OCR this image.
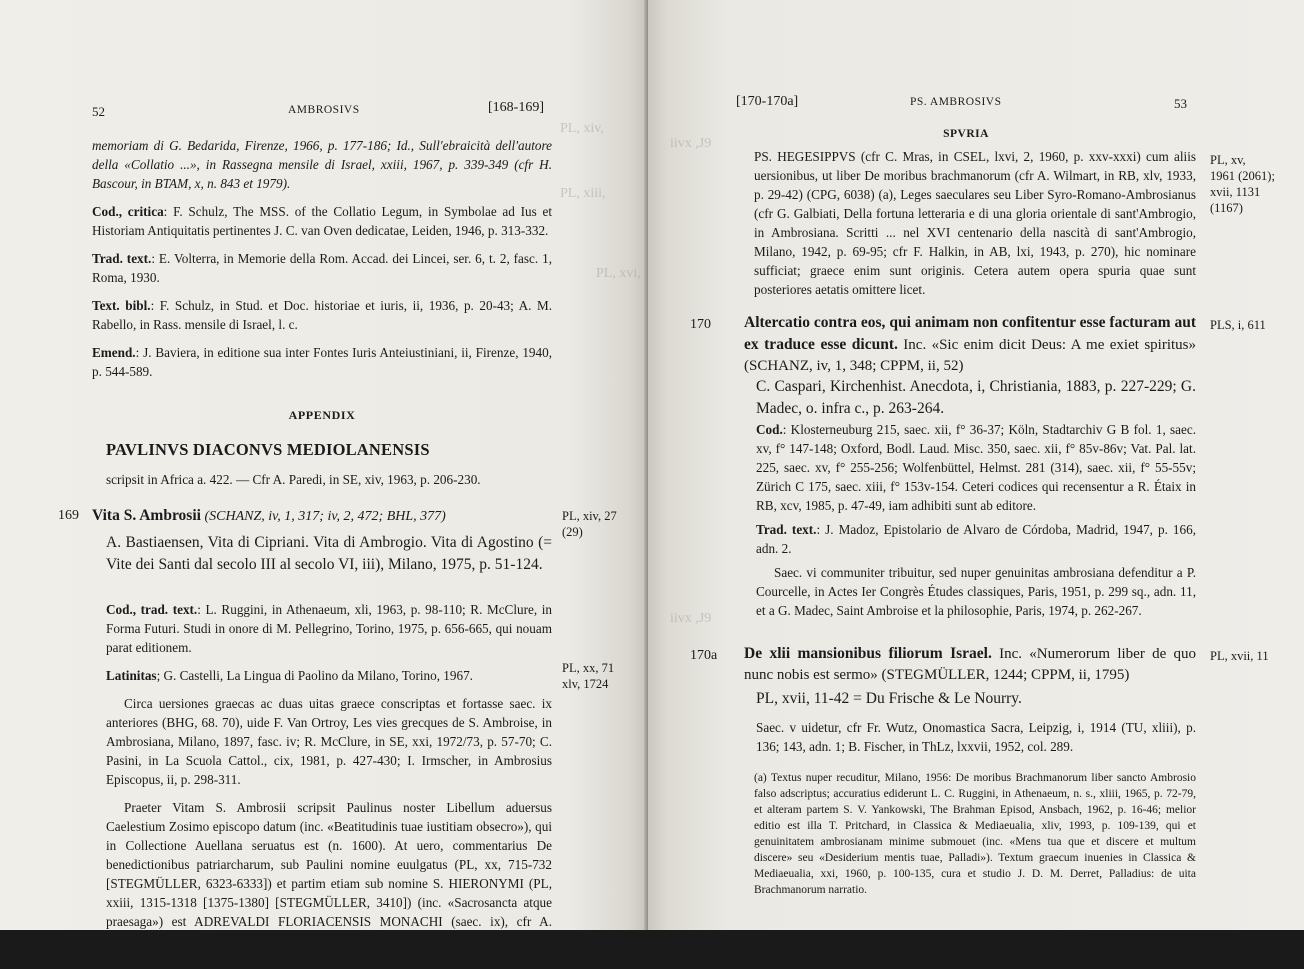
PL, xiv,
PL, xiii,
PL, xvi,
52	AMBROSIVS	[168-169]

memoriam di G. Bedarida, Firenze, 1966, p. 177-186; Id., Sull'ebraicità dell'autore della «Collatio ...», in Rassegna mensile di Israel, xxiii, 1967, p. 339-349 (cfr H. Bascour, in BTAM, x, n. 843 et 1979).

Cod., critica: F. Schulz, The MSS. of the Collatio Legum, in Symbolae ad Ius et Historiam Antiquitatis pertinentes J. C. van Oven dedicatae, Leiden, 1946, p. 313-332.

Trad. text.: E. Volterra, in Memorie della Rom. Accad. dei Lincei, ser. 6, t. 2, fasc. 1, Roma, 1930.

Text. bibl.: F. Schulz, in Stud. et Doc. historiae et iuris, ii, 1936, p. 20-43; A. M. Rabello, in Rass. mensile di Israel, l. c.

Emend.: J. Baviera, in editione sua inter Fontes Iuris Anteiustiniani, ii, Firenze, 1940, p. 544-589.

APPENDIX
PAVLINVS DIACONVS MEDIOLANENSIS
scripsit in Africa a. 422. — Cfr A. Paredi, in SE, xiv, 1963, p. 206-230.
169 Vita S. Ambrosii (SCHANZ, iv, 1, 317; iv, 2, 472; BHL, 377)	PL, xiv, 27
(29)
A. Bastiaensen, Vita di Cipriani. Vita di Ambrogio. Vita di Agostino (= Vite dei Santi dal secolo III al secolo VI, iii), Milano, 1975, p. 51-124.

Cod., trad. text.: L. Ruggini, in Athenaeum, xli, 1963, p. 98-110; R. McClure, in Forma Futuri. Studi in onore di M. Pellegrino, Torino, 1975, p. 656-665, qui nouam parat editionem.

Latinitas; G. Castelli, La Lingua di Paolino da Milano, Torino, 1967.

Circa uersiones graecas ac duas uitas graece conscriptas et fortasse saec. ix anteriores (BHG, 68. 70), uide F. Van Ortroy, Les vies grecques de S. Ambroise, in Ambrosiana, Milano, 1897, fasc. iv; R. McClure, in SE, xxi, 1972/73, p. 57-70; C. Pasini, in La Scuola Cattol., cix, 1981, p. 427-430; I. Irmscher, in Ambrosius Episcopus, ii, p. 298-311.

Praeter Vitam S. Ambrosii scripsit Paulinus noster Libellum aduersus Caelestium Zosimo episcopo datum (inc. «Beatitudinis tuae iustitiam obsecro»), qui in Collectione Auellana seruatus est (n. 1600). At uero, commentarius De benedictionibus patriarcharum, sub Paulini nomine euulgatus (PL, xx, 715-732 [STEGMÜLLER, 6323-6333]) et partim etiam sub nomine S. HIERONYMI (PL, xxiii, 1315-1318 [1375-1380] [STEGMÜLLER, 3410]) (inc. «Sacrosancta atque praesaga») est ADREVALDI FLORIACENSIS MONACHI (saec. ix), cfr A. Wilmart, in RB, xxxii, 1920, p. 57-63 (cod.: B. Lambert, BHM, n. 405; CPPM, ii, 2815).

PL, xx, 71
xlv, 1724
iivx ,J9
iivx ,J9
[170-170a]	PS. AMBROSIVS	53
SPVRIA
PS. HEGESIPPVS (cfr C. Mras, in CSEL, lxvi, 2, 1960, p. xxv-xxxi) cum aliis uersionibus, ut liber De moribus brachmanorum (cfr A. Wilmart, in RB, xlv, 1933, p. 29-42) (CPG, 6038) (a), Leges saeculares seu Liber Syro-Romano-Ambrosianus (cfr G. Galbiati, Della fortuna letteraria e di una gloria orientale di sant'Ambrogio, in Ambrosiana. Scritti ... nel XVI centenario della nascità di sant'Ambrogio, Milano, 1942, p. 69-95; cfr F. Halkin, in AB, lxi, 1943, p. 270), hic nominare sufficiat; graece enim sunt originis. Cetera autem opera spuria quae sunt posteriores aetatis omittere licet.
PL, xv,
1961 (2061);
xvii, 1131
(1167)
170 Altercatio contra eos, qui animam non confitentur esse facturam aut ex traduce esse dicunt. Inc. «Sic enim dicit Deus: A me exiet spiritus» (SCHANZ, iv, 1, 348; CPPM, ii, 52)
PLS, i, 611
C. Caspari, Kirchenhist. Anecdota, i, Christiania, 1883, p. 227-229; G. Madec, o. infra c., p. 263-264.

Cod.: Klosterneuburg 215, saec. xii, f° 36-37; Köln, Stadtarchiv G B fol. 1, saec. xv, f° 147-148; Oxford, Bodl. Laud. Misc. 350, saec. xii, f° 85v-86v; Vat. Pal. lat. 225, saec. xv, f° 255-256; Wolfenbüttel, Helmst. 281 (314), saec. xii, f° 55-55v; Zürich C 175, saec. xiii, f° 153v-154. Ceteri codices qui recensentur a R. Étaix in RB, xcv, 1985, p. 47-49, iam adhibiti sunt ab editore.

Trad. text.: J. Madoz, Epistolario de Alvaro de Córdoba, Madrid, 1947, p. 166, adn. 2.

Saec. vi communiter tribuitur, sed nuper genuinitas ambrosiana defenditur a P. Courcelle, in Actes Ier Congrès Études classiques, Paris, 1951, p. 299 sq., adn. 11, et a G. Madec, Saint Ambroise et la philosophie, Paris, 1974, p. 262-267.

170a De xlii mansionibus filiorum Israel. Inc. «Numerorum liber de quo nunc nobis est sermo» (STEGMÜLLER, 1244; CPPM, ii, 1795)
PL, xvii, 11
PL, xvii, 11-42 = Du Frische & Le Nourry.
Saec. v uidetur, cfr Fr. Wutz, Onomastica Sacra, Leipzig, i, 1914 (TU, xliii), p. 136; 143, adn. 1; B. Fischer, in ThLz, lxxvii, 1952, col. 289.
(a) Textus nuper recuditur, Milano, 1956: De moribus Brachmanorum liber sancto Ambrosio falso adscriptus; accuratius ediderunt L. C. Ruggini, in Athenaeum, n. s., xliii, 1965, p. 72-79, et alteram partem S. V. Yankowski, The Brahman Episod, Ansbach, 1962, p. 16-46; melior editio est illa T. Pritchard, in Classica & Mediaeualia, xliv, 1993, p. 109-139, qui et genuinitatem ambrosianam minime submouet (inc. «Mens tua que et discere et multum discere» seu «Desiderium mentis tuae, Palladi»). Textum graecum inuenies in Classica & Mediaeualia, xxi, 1960, p. 100-135, cura et studio J. D. M. Derret, Palladius: de uita Brachmanorum narratio.
